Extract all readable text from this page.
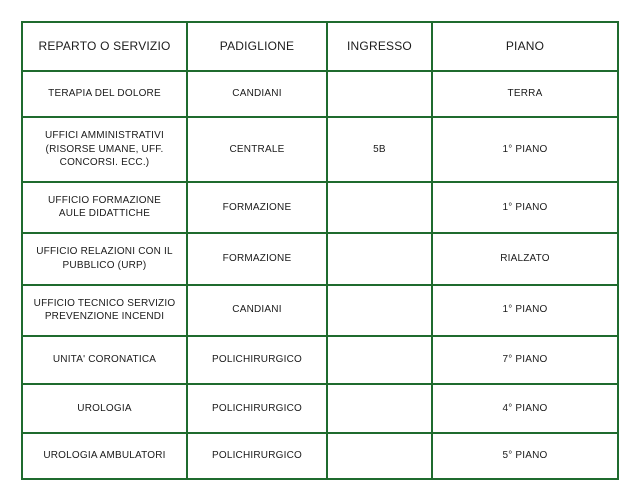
REPARTO O SERVIZIO	PADIGLIONE	INGRESSO	PIANO
TERAPIA DEL DOLORE	CANDIANI		TERRA
UFFICI AMMINISTRATIVI
(RISORSE UMANE, UFF.
CONCORSI. ECC.)	CENTRALE	5B	1° PIANO
UFFICIO FORMAZIONE
AULE DIDATTICHE	FORMAZIONE		1° PIANO
UFFICIO RELAZIONI CON IL
PUBBLICO (URP)	FORMAZIONE		RIALZATO
UFFICIO TECNICO SERVIZIO
PREVENZIONE INCENDI	CANDIANI		1° PIANO
UNITA' CORONATICA	POLICHIRURGICO		7° PIANO
UROLOGIA	POLICHIRURGICO		4° PIANO
UROLOGIA AMBULATORI	POLICHIRURGICO		5° PIANO
